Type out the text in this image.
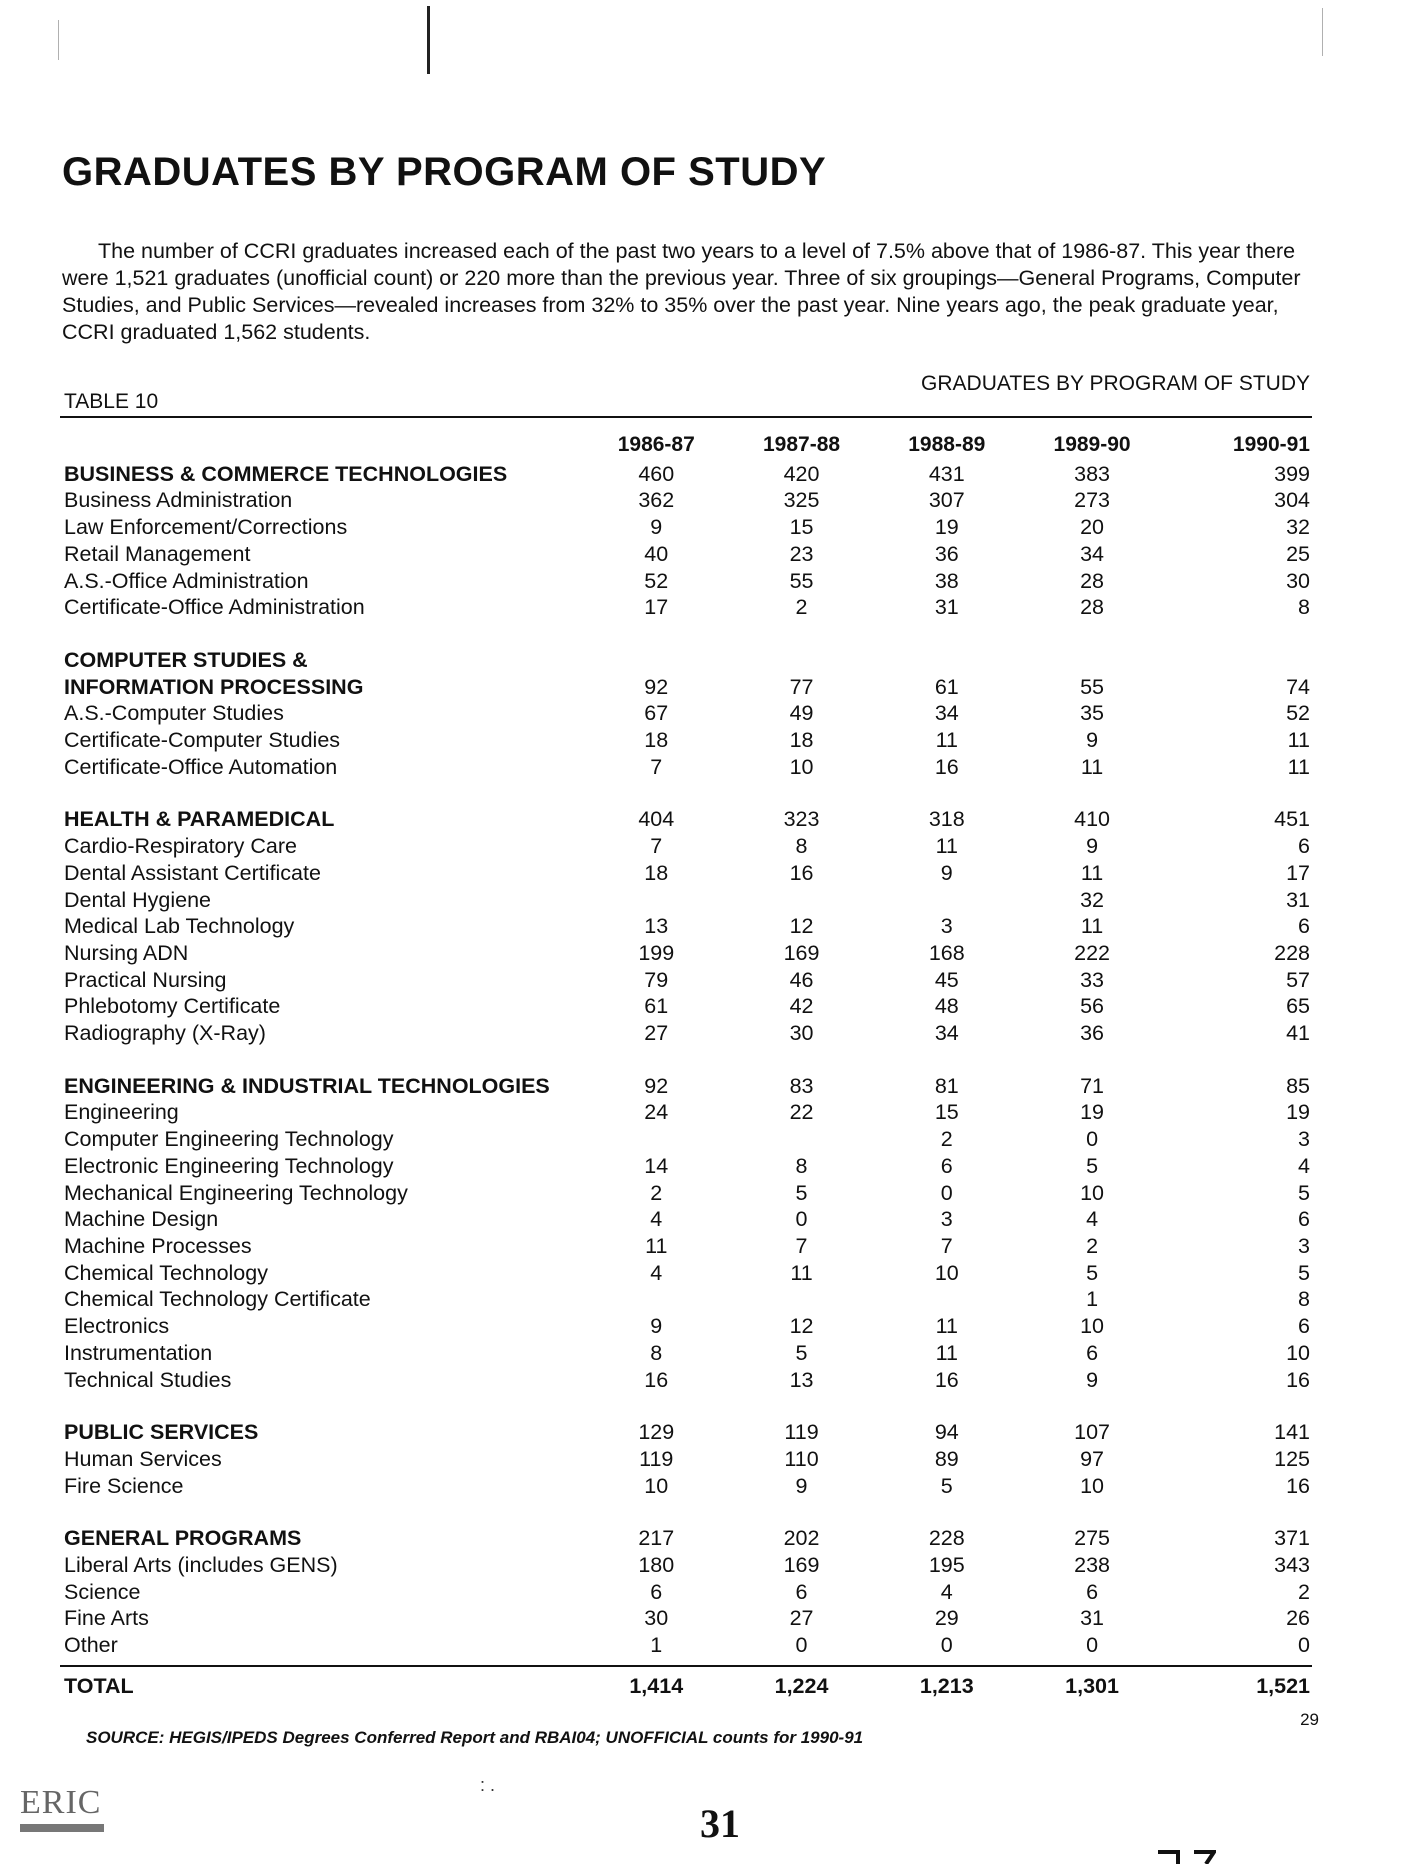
GRADUATES BY PROGRAM OF STUDY

The number of CCRI graduates increased each of the past two years to a level of 7.5% above that of 1986-87. This year there were 1,521 graduates (unofficial count) or 220 more than the previous year. Three of six groupings—General Programs, Computer Studies, and Public Services—revealed increases from 32% to 35% over the past year. Nine years ago, the peak graduate year, CCRI graduated 1,562 students.

TABLE 10
GRADUATES BY PROGRAM OF STUDY
	1986-87	1987-88	1988-89	1989-90	1990-91
BUSINESS & COMMERCE TECHNOLOGIES	460	420	431	383	399
Business Administration	362	325	307	273	304
Law Enforcement/Corrections	9	15	19	20	32
Retail Management	40	23	36	34	25
A.S.-Office Administration	52	55	38	28	30
Certificate-Office Administration	17	2	31	28	8

COMPUTER STUDIES &					
INFORMATION PROCESSING	92	77	61	55	74
A.S.-Computer Studies	67	49	34	35	52
Certificate-Computer Studies	18	18	11	9	11
Certificate-Office Automation	7	10	16	11	11

HEALTH & PARAMEDICAL	404	323	318	410	451
Cardio-Respiratory Care	7	8	11	9	6
Dental Assistant Certificate	18	16	9	11	17
Dental Hygiene				32	31
Medical Lab Technology	13	12	3	11	6
Nursing ADN	199	169	168	222	228
Practical Nursing	79	46	45	33	57
Phlebotomy Certificate	61	42	48	56	65
Radiography (X-Ray)	27	30	34	36	41

ENGINEERING & INDUSTRIAL TECHNOLOGIES	92	83	81	71	85
Engineering	24	22	15	19	19
Computer Engineering Technology			2	0	3
Electronic Engineering Technology	14	8	6	5	4
Mechanical Engineering Technology	2	5	0	10	5
Machine Design	4	0	3	4	6
Machine Processes	11	7	7	2	3
Chemical Technology	4	11	10	5	5
Chemical Technology Certificate				1	8
Electronics	9	12	11	10	6
Instrumentation	8	5	11	6	10
Technical Studies	16	13	16	9	16

PUBLIC SERVICES	129	119	94	107	141
Human Services	119	110	89	97	125
Fire Science	10	9	5	10	16

GENERAL PROGRAMS	217	202	228	275	371
Liberal Arts (includes GENS)	180	169	195	238	343
Science	6	6	4	6	2
Fine Arts	30	27	29	31	26
Other	1	0	0	0	0
TOTAL	1,414	1,224	1,213	1,301	1,521
SOURCE: HEGIS/IPEDS Degrees Conferred Report and RBAI04; UNOFFICIAL counts for 1990-91
29
: .
31
ERIC
